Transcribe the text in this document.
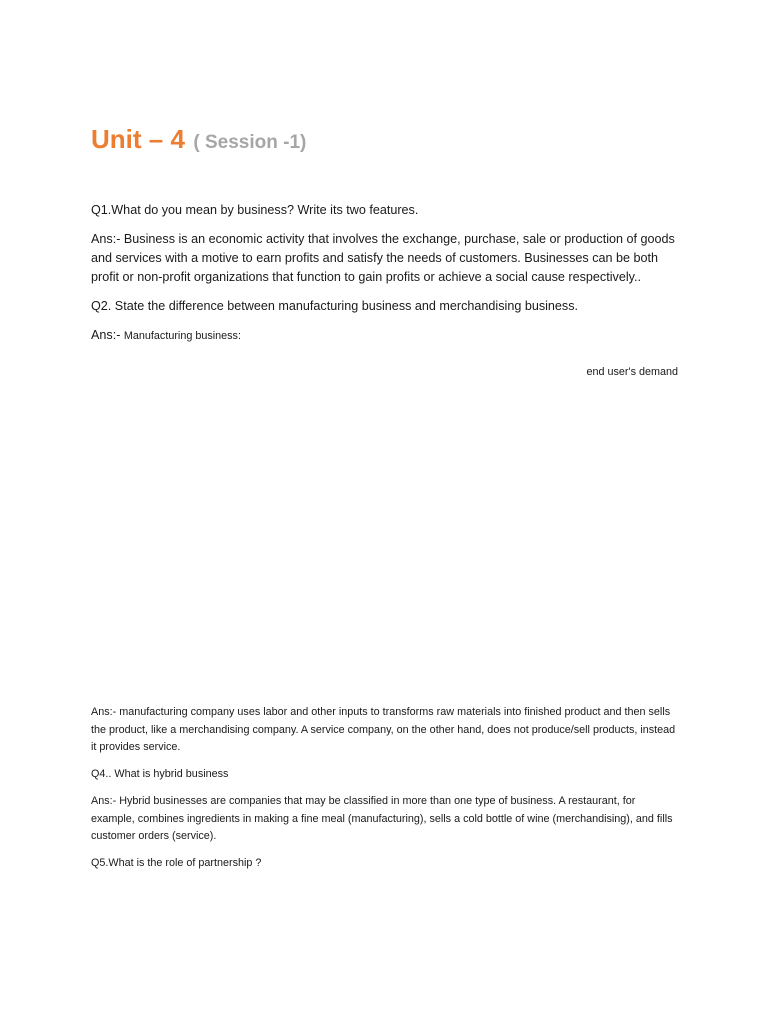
Unit – 4 ( Session -1)

Q1.What do you mean by business? Write its two features.

Ans:- Business is an economic activity that involves the exchange, purchase, sale or production of goods and services with a motive to earn profits and satisfy the needs of customers. Businesses can be both profit or non-profit organizations that function to gain profits or achieve a social cause respectively..

Q2. State the difference between manufacturing business and merchandising business.

Ans:- Manufacturing business:

end user's demand

Ans:- manufacturing company uses labor and other inputs to transforms raw materials into finished product and then sells the product, like a merchandising company. A service company, on the other hand, does not produce/sell products, instead it provides service.

Q4.. What is hybrid business

Ans:- Hybrid businesses are companies that may be classified in more than one type of business. A restaurant, for example, combines ingredients in making a fine meal (manufacturing), sells a cold bottle of wine (merchandising), and fills customer orders (service).

Q5.What is the role of partnership ?
